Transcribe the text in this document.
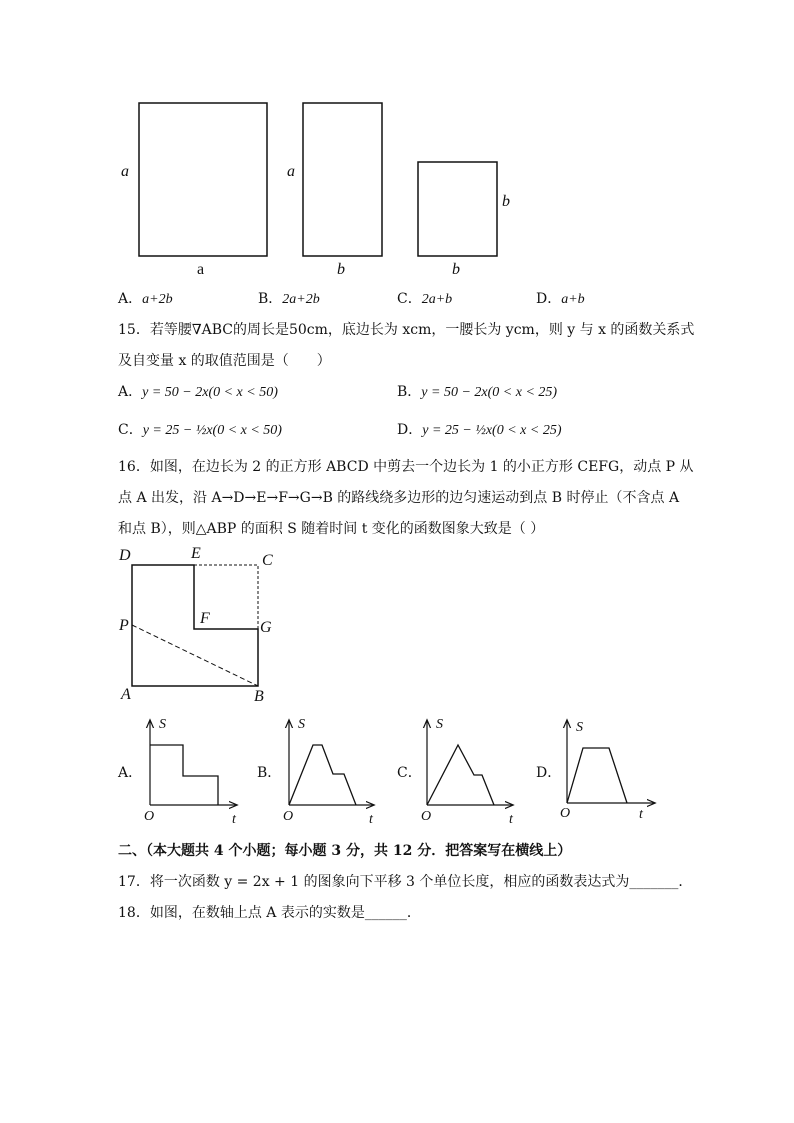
a
a
a
b
b
b
A．a+2b	B．2a+2b	C．2a+b	D．a+b
15．若等腰∇ABC的周长是50cm，底边长为 xcm，一腰长为 ycm，则 y 与 x 的函数关系式
及自变量 x 的取值范围是（　　）
A．y = 50 − 2x(0 < x < 50)	B．y = 50 − 2x(0 < x < 25)
C．y = 25 − ½x(0 < x < 50)	D．y = 25 − ½x(0 < x < 25)
16．如图，在边长为 2 的正方形 ABCD 中剪去一个边长为 1 的小正方形 CEFG，动点 P 从
点 A 出发，沿 A→D→E→F→G→B 的路线绕多边形的边匀速运动到点 B 时停止（不含点 A
和点 B），则△ABP 的面积 S 随着时间 t 变化的函数图象大致是（ ）
D	E	C
P	F
G
A	B
A．
S
t
O
B．
S
t
O
C．
S
t
O
D．
S
t
O
二、（本大题共 4 个小题；每小题 3 分，共 12 分．把答案写在横线上）
17．将一次函数 y = 2x + 1 的图象向下平移 3 个单位长度，相应的函数表达式为_______．
18．如图，在数轴上点 A 表示的实数是______．
